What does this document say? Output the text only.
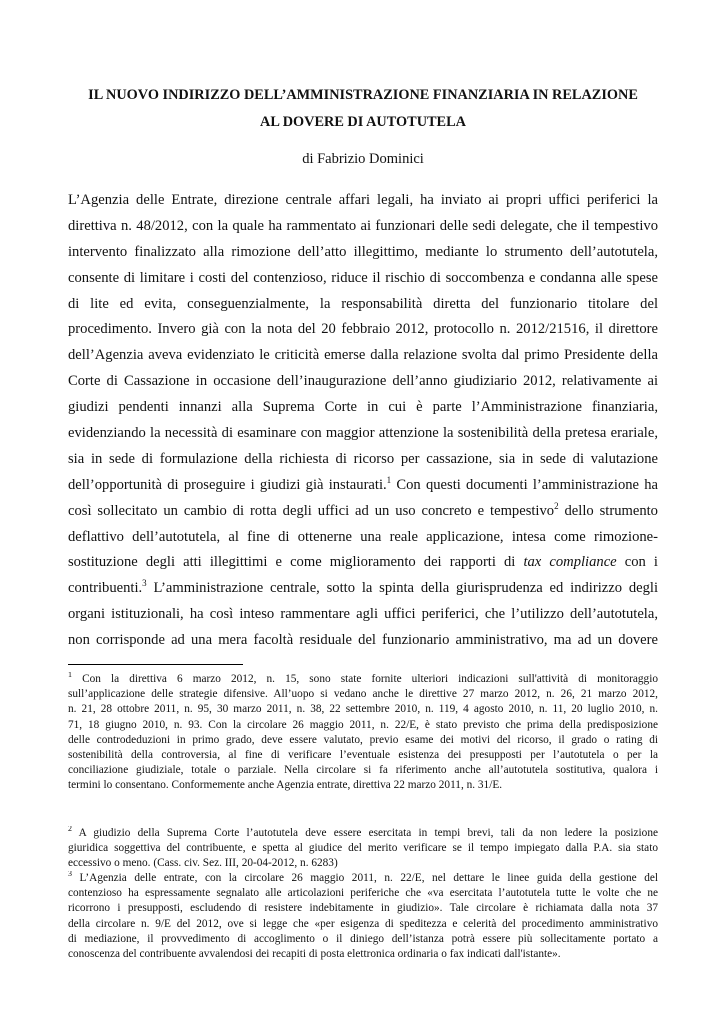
IL NUOVO INDIRIZZO DELL’AMMINISTRAZIONE FINANZIARIA IN RELAZIONE
AL DOVERE DI AUTOTUTELA
di Fabrizio Dominici
L’Agenzia delle Entrate, direzione centrale affari legali, ha inviato ai propri uffici periferici la
direttiva n. 48/2012, con la quale ha rammentato ai funzionari delle sedi delegate, che il tempestivo
intervento finalizzato alla rimozione dell’atto illegittimo, mediante lo strumento dell’autotutela,
consente di limitare i costi del contenzioso, riduce il rischio di soccombenza e condanna alle spese
di lite ed evita, conseguenzialmente, la responsabilità diretta del funzionario titolare del
procedimento. Invero già con la nota del 20 febbraio 2012, protocollo n. 2012/21516, il direttore
dell’Agenzia aveva evidenziato le criticità emerse dalla relazione svolta dal primo Presidente della
Corte di Cassazione in occasione dell’inaugurazione dell’anno giudiziario 2012, relativamente ai
giudizi pendenti innanzi alla Suprema Corte in cui è parte l’Amministrazione finanziaria,
evidenziando la necessità di esaminare con maggior attenzione la sostenibilità della pretesa erariale,
sia in sede di formulazione della richiesta di ricorso per cassazione, sia in sede di valutazione
dell’opportunità di proseguire i giudizi già instaurati.$^1$ Con questi documenti l’amministrazione ha
così sollecitato un cambio di rotta degli uffici ad un uso concreto e tempestivo$^2$ dello strumento
deflattivo dell’autotutela, al fine di ottenerne una reale applicazione, intesa come rimozione-
sostituzione degli atti illegittimi e come miglioramento dei rapporti di tax compliance con i
contribuenti.$^3$ L’amministrazione centrale, sotto la spinta della giurisprudenza ed indirizzo degli
organi istituzionali, ha così inteso rammentare agli uffici periferici, che l’utilizzo dell’autotutela,
non corrisponde ad una mera facoltà residuale del funzionario amministrativo, ma ad un dovere
$^1$ Con la direttiva 6 marzo 2012, n. 15, sono state fornite ulteriori indicazioni sull'attività di monitoraggio
sull’applicazione delle strategie difensive. All’uopo si vedano anche le direttive 27 marzo 2012, n. 26, 21 marzo 2012,
n. 21, 28 ottobre 2011, n. 95, 30 marzo 2011, n. 38, 22 settembre 2010, n. 119, 4 agosto 2010, n. 11, 20 luglio 2010, n.
71, 18 giugno 2010, n. 93. Con la circolare 26 maggio 2011, n. 22/E, è stato previsto che prima della predisposizione
delle controdeduzioni in primo grado, deve essere valutato, previo esame dei motivi del ricorso, il grado o rating di
sostenibilità della controversia, al fine di verificare l’eventuale esistenza dei presupposti per l’autotutela o per la
conciliazione giudiziale, totale o parziale. Nella circolare si fa riferimento anche all’autotutela sostitutiva, qualora i
termini lo consentano. Conformemente anche Agenzia entrate, direttiva 22 marzo 2011, n. 31/E.
$^2$ A giudizio della Suprema Corte l’autotutela deve essere esercitata in tempi brevi, tali da non ledere la posizione
giuridica soggettiva del contribuente, e spetta al giudice del merito verificare se il tempo impiegato dalla P.A. sia stato
eccessivo o meno. (Cass. civ. Sez. III, 20-04-2012, n. 6283)
$^3$ L’Agenzia delle entrate, con la circolare 26 maggio 2011, n. 22/E, nel dettare le linee guida della gestione del
contenzioso ha espressamente segnalato alle articolazioni periferiche che «va esercitata l’autotutela tutte le volte che ne
ricorrono i presupposti, escludendo di resistere indebitamente in giudizio». Tale circolare è richiamata dalla nota 37
della circolare n. 9/E del 2012, ove si legge che «per esigenza di speditezza e celerità del procedimento amministrativo
di mediazione, il provvedimento di accoglimento o il diniego dell’istanza potrà essere più sollecitamente portato a
conoscenza del contribuente avvalendosi dei recapiti di posta elettronica ordinaria o fax indicati dall'istante».
